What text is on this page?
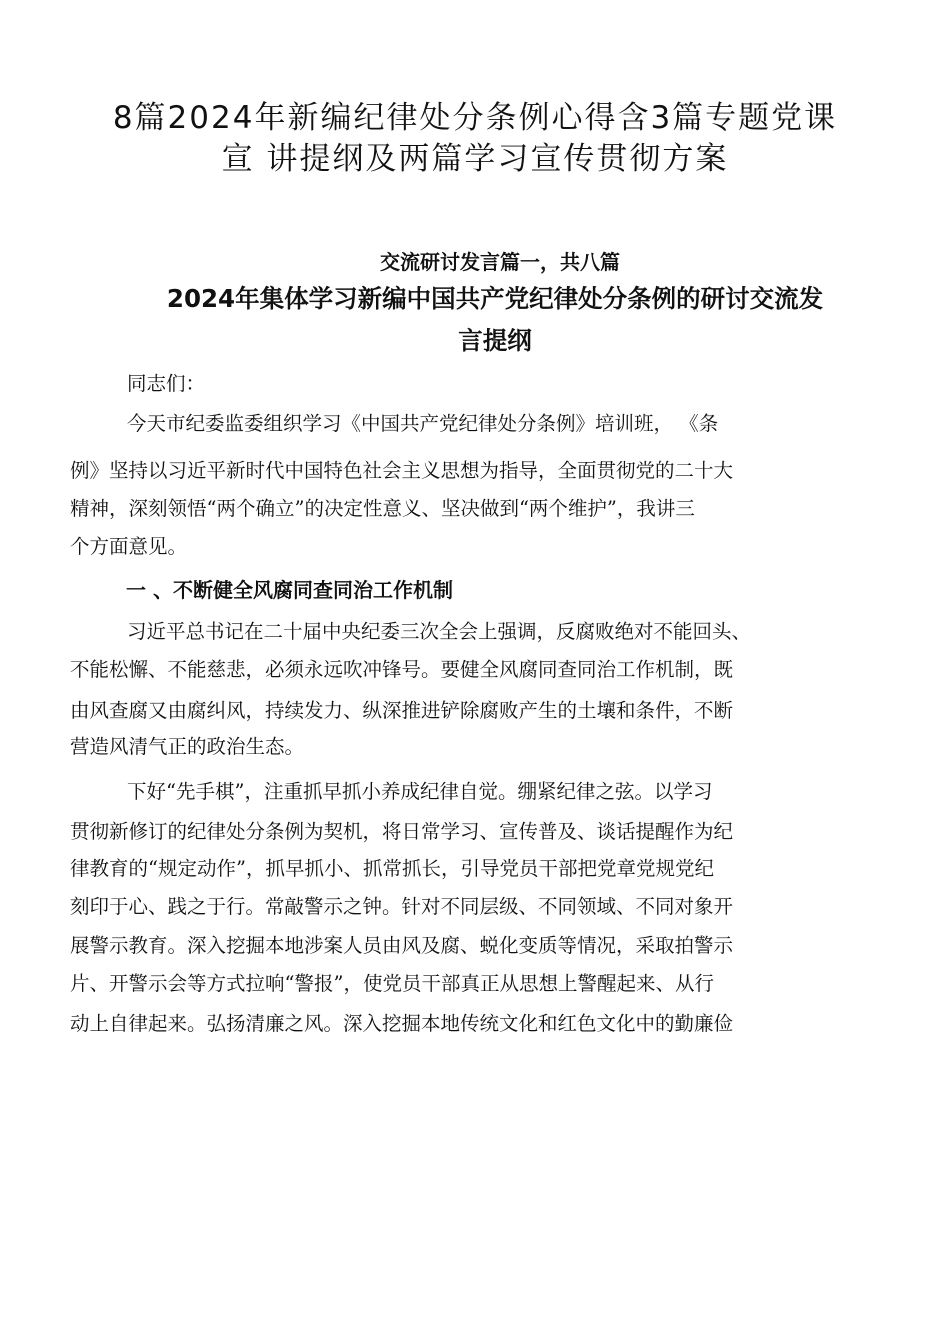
8篇2024年新编纪律处分条例心得含3篇专题党课
宣 讲提纲及两篇学习宣传贯彻方案
交流研讨发言篇一，共八篇
2024年集体学习新编中国共产党纪律处分条例的研讨交流发
言提纲

同志们：

今天市纪委监委组织学习《中国共产党纪律处分条例》培训班， 《条

例》坚持以习近平新时代中国特色社会主义思想为指导，全面贯彻党的二十大

精神，深刻领悟“两个确立”的决定性意义、坚决做到“两个维护”，我讲三

个方面意见。

一 、不断健全风腐同查同治工作机制

习近平总书记在二十届中央纪委三次全会上强调，反腐败绝对不能回头、

不能松懈、不能慈悲，必须永远吹冲锋号。要健全风腐同查同治工作机制，既

由风查腐又由腐纠风，持续发力、纵深推进铲除腐败产生的土壤和条件，不断

营造风清气正的政治生态。

下好“先手棋”，注重抓早抓小养成纪律自觉。绷紧纪律之弦。以学习

贯彻新修订的纪律处分条例为契机，将日常学习、宣传普及、谈话提醒作为纪

律教育的“规定动作”，抓早抓小、抓常抓长，引导党员干部把党章党规党纪

刻印于心、践之于行。常敲警示之钟。针对不同层级、不同领域、不同对象开

展警示教育。深入挖掘本地涉案人员由风及腐、蜕化变质等情况，采取拍警示

片、开警示会等方式拉响“警报”，使党员干部真正从思想上警醒起来、从行

动上自律起来。弘扬清廉之风。深入挖掘本地传统文化和红色文化中的勤廉俭
